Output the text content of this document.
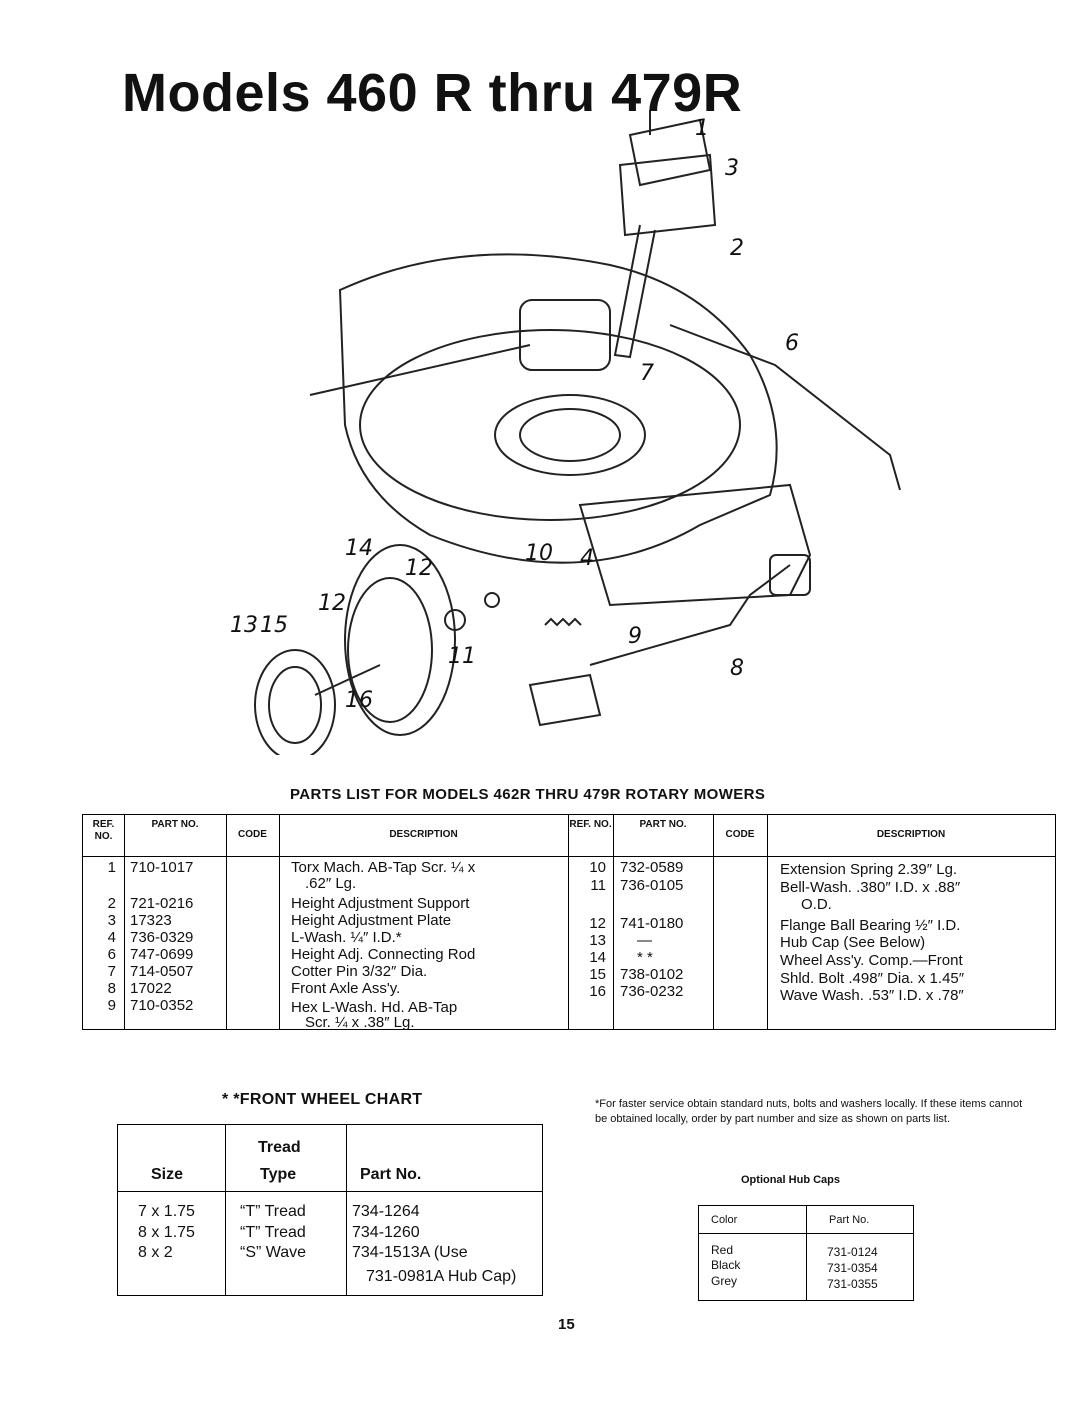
Models 460 R thru 479R
1
3
2
6
7
14
12
10 4
13 15
12
11
9
8
16
PARTS LIST FOR MODELS 462R THRU 479R ROTARY MOWERS
REF. NO.
PART NO.
CODE	DESCRIPTION
REF. NO.	PART NO.
CODE	DESCRIPTION
1 710-1017	Torx Mach. AB-Tap Scr. ¼ x
.62″ Lg.
2 721-0216	Height Adjustment Support
3 17323	Height Adjustment Plate
4 736-0329	L-Wash. ¼″ I.D.*
6 747-0699	Height Adj. Connecting Rod
7 714-0507	Cotter Pin 3/32″ Dia.
8 17022	Front Axle Ass'y.
9 710-0352	Hex L-Wash. Hd. AB-Tap
Scr. ¼ x .38″ Lg.
10 732-0589	Extension Spring 2.39″ Lg.
11 736-0105	Bell-Wash. .380″ I.D. x .88″
O.D.
12 741-0180	Flange Ball Bearing ½″ I.D.
13 —	Hub Cap (See Below)
14 * *	Wheel Ass'y. Comp.—Front
15 738-0102	Shld. Bolt .498″ Dia. x 1.45″
16 736-0232	Wave Wash. .53″ I.D. x .78″
* *FRONT WHEEL CHART
Size
Tread
Type	Part No.
7 x 1.75	“T” Tread	734-1264
8 x 1.75	“T” Tread	734-1260
8 x 2	“S” Wave	734-1513A (Use
731-0981A Hub Cap)
*For faster service obtain standard nuts, bolts and washers locally. If these items cannot be obtained locally, order by part number and size as shown on parts list.
Optional Hub Caps
Color	Part No.
Red	731-0124
Black	731-0354
Grey	731-0355
15
